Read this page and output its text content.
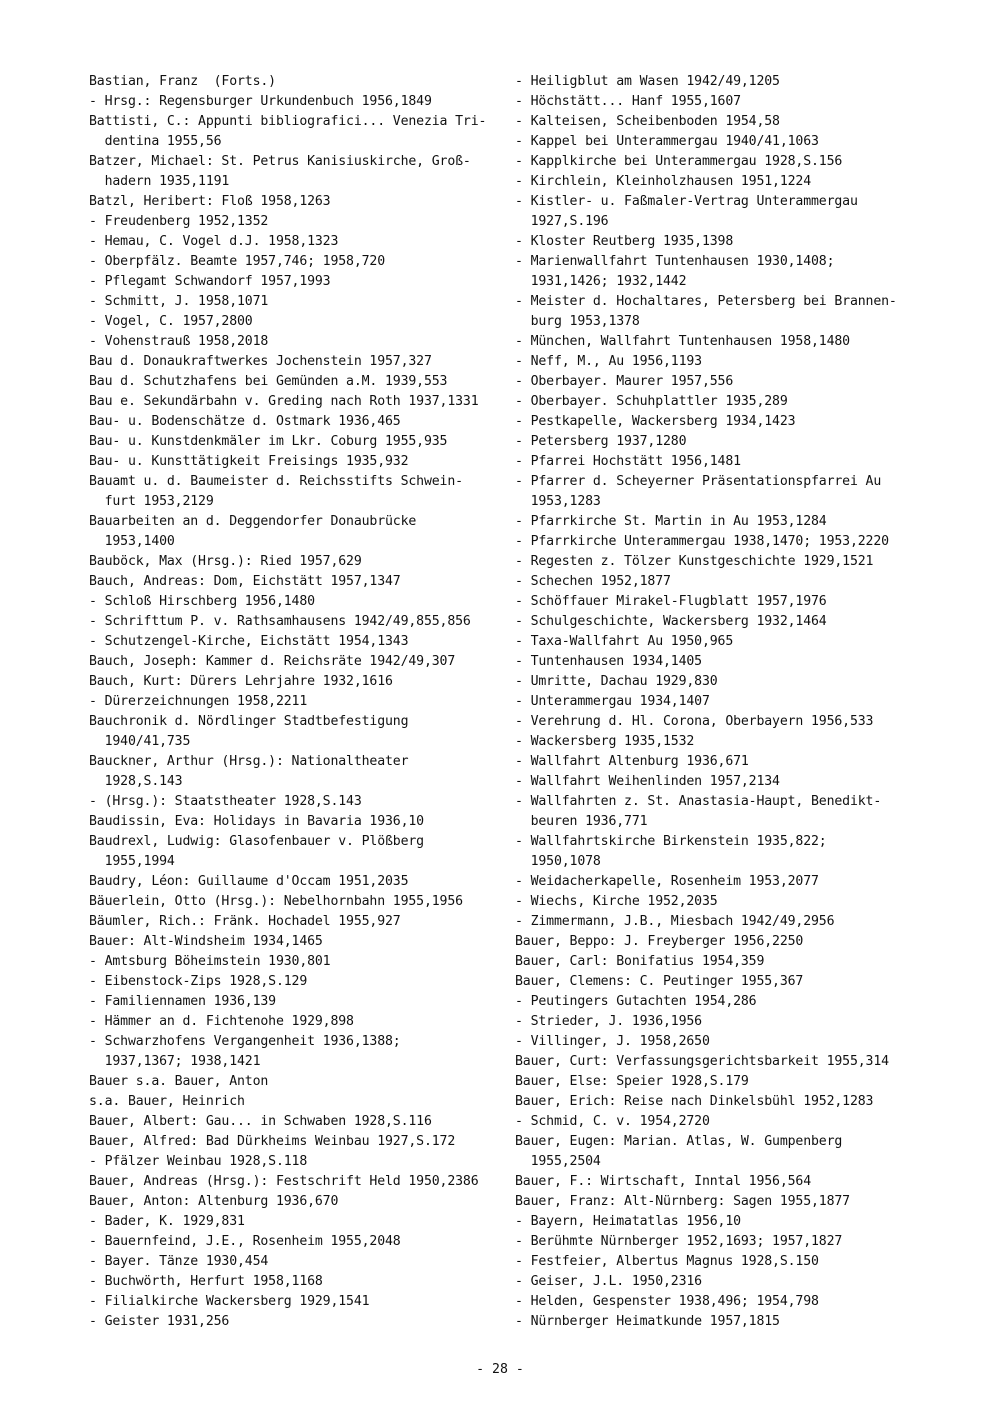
Bastian, Franz  (Forts.)
- Hrsg.: Regensburger Urkundenbuch 1956,1849
Battisti, C.: Appunti bibliografici... Venezia Tri-
dentina 1955,56
Batzer, Michael: St. Petrus Kanisiuskirche, Groß-
hadern 1935,1191
Batzl, Heribert: Floß 1958,1263
- Freudenberg 1952,1352
- Hemau, C. Vogel d.J. 1958,1323
- Oberpfälz. Beamte 1957,746; 1958,720
- Pflegamt Schwandorf 1957,1993
- Schmitt, J. 1958,1071
- Vogel, C. 1957,2800
- Vohenstrauß 1958,2018
Bau d. Donaukraftwerkes Jochenstein 1957,327
Bau d. Schutzhafens bei Gemünden a.M. 1939,553
Bau e. Sekundärbahn v. Greding nach Roth 1937,1331
Bau- u. Bodenschätze d. Ostmark 1936,465
Bau- u. Kunstdenkmäler im Lkr. Coburg 1955,935
Bau- u. Kunsttätigkeit Freisings 1935,932
Bauamt u. d. Baumeister d. Reichsstifts Schwein-
furt 1953,2129
Bauarbeiten an d. Deggendorfer Donaubrücke
1953,1400
Bauböck, Max (Hrsg.): Ried 1957,629
Bauch, Andreas: Dom, Eichstätt 1957,1347
- Schloß Hirschberg 1956,1480
- Schrifttum P. v. Rathsamhausens 1942/49,855,856
- Schutzengel-Kirche, Eichstätt 1954,1343
Bauch, Joseph: Kammer d. Reichsräte 1942/49,307
Bauch, Kurt: Dürers Lehrjahre 1932,1616
- Dürerzeichnungen 1958,2211
Bauchronik d. Nördlinger Stadtbefestigung
1940/41,735
Bauckner, Arthur (Hrsg.): Nationaltheater
1928,S.143
- (Hrsg.): Staatstheater 1928,S.143
Baudissin, Eva: Holidays in Bavaria 1936,10
Baudrexl, Ludwig: Glasofenbauer v. Plößberg
1955,1994
Baudry, Léon: Guillaume d'Occam 1951,2035
Bäuerlein, Otto (Hrsg.): Nebelhornbahn 1955,1956
Bäumler, Rich.: Fränk. Hochadel 1955,927
Bauer: Alt-Windsheim 1934,1465
- Amtsburg Böheimstein 1930,801
- Eibenstock-Zips 1928,S.129
- Familiennamen 1936,139
- Hämmer an d. Fichtenohe 1929,898
- Schwarzhofens Vergangenheit 1936,1388;
1937,1367; 1938,1421
Bauer s.a. Bauer, Anton
s.a. Bauer, Heinrich
Bauer, Albert: Gau... in Schwaben 1928,S.116
Bauer, Alfred: Bad Dürkheims Weinbau 1927,S.172
- Pfälzer Weinbau 1928,S.118
Bauer, Andreas (Hrsg.): Festschrift Held 1950,2386
Bauer, Anton: Altenburg 1936,670
- Bader, K. 1929,831
- Bauernfeind, J.E., Rosenheim 1955,2048
- Bayer. Tänze 1930,454
- Buchwörth, Herfurt 1958,1168
- Filialkirche Wackersberg 1929,1541
- Geister 1931,256
- Heiligblut am Wasen 1942/49,1205
- Höchstätt... Hanf 1955,1607
- Kalteisen, Scheibenboden 1954,58
- Kappel bei Unterammergau 1940/41,1063
- Kapplkirche bei Unterammergau 1928,S.156
- Kirchlein, Kleinholzhausen 1951,1224
- Kistler- u. Faßmaler-Vertrag Unterammergau
1927,S.196
- Kloster Reutberg 1935,1398
- Marienwallfahrt Tuntenhausen 1930,1408;
1931,1426; 1932,1442
- Meister d. Hochaltares, Petersberg bei Brannen-
burg 1953,1378
- München, Wallfahrt Tuntenhausen 1958,1480
- Neff, M., Au 1956,1193
- Oberbayer. Maurer 1957,556
- Oberbayer. Schuhplattler 1935,289
- Pestkapelle, Wackersberg 1934,1423
- Petersberg 1937,1280
- Pfarrei Hochstätt 1956,1481
- Pfarrer d. Scheyerner Präsentationspfarrei Au
1953,1283
- Pfarrkirche St. Martin in Au 1953,1284
- Pfarrkirche Unterammergau 1938,1470; 1953,2220
- Regesten z. Tölzer Kunstgeschichte 1929,1521
- Schechen 1952,1877
- Schöffauer Mirakel-Flugblatt 1957,1976
- Schulgeschichte, Wackersberg 1932,1464
- Taxa-Wallfahrt Au 1950,965
- Tuntenhausen 1934,1405
- Umritte, Dachau 1929,830
- Unterammergau 1934,1407
- Verehrung d. Hl. Corona, Oberbayern 1956,533
- Wackersberg 1935,1532
- Wallfahrt Altenburg 1936,671
- Wallfahrt Weihenlinden 1957,2134
- Wallfahrten z. St. Anastasia-Haupt, Benedikt-
beuren 1936,771
- Wallfahrtskirche Birkenstein 1935,822;
1950,1078
- Weidacherkapelle, Rosenheim 1953,2077
- Wiechs, Kirche 1952,2035
- Zimmermann, J.B., Miesbach 1942/49,2956
Bauer, Beppo: J. Freyberger 1956,2250
Bauer, Carl: Bonifatius 1954,359
Bauer, Clemens: C. Peutinger 1955,367
- Peutingers Gutachten 1954,286
- Strieder, J. 1936,1956
- Villinger, J. 1958,2650
Bauer, Curt: Verfassungsgerichtsbarkeit 1955,314
Bauer, Else: Speier 1928,S.179
Bauer, Erich: Reise nach Dinkelsbühl 1952,1283
- Schmid, C. v. 1954,2720
Bauer, Eugen: Marian. Atlas, W. Gumpenberg
1955,2504
Bauer, F.: Wirtschaft, Inntal 1956,564
Bauer, Franz: Alt-Nürnberg: Sagen 1955,1877
- Bayern, Heimatatlas 1956,10
- Berühmte Nürnberger 1952,1693; 1957,1827
- Festfeier, Albertus Magnus 1928,S.150
- Geiser, J.L. 1950,2316
- Helden, Gespenster 1938,496; 1954,798
- Nürnberger Heimatkunde 1957,1815
- 28 -
